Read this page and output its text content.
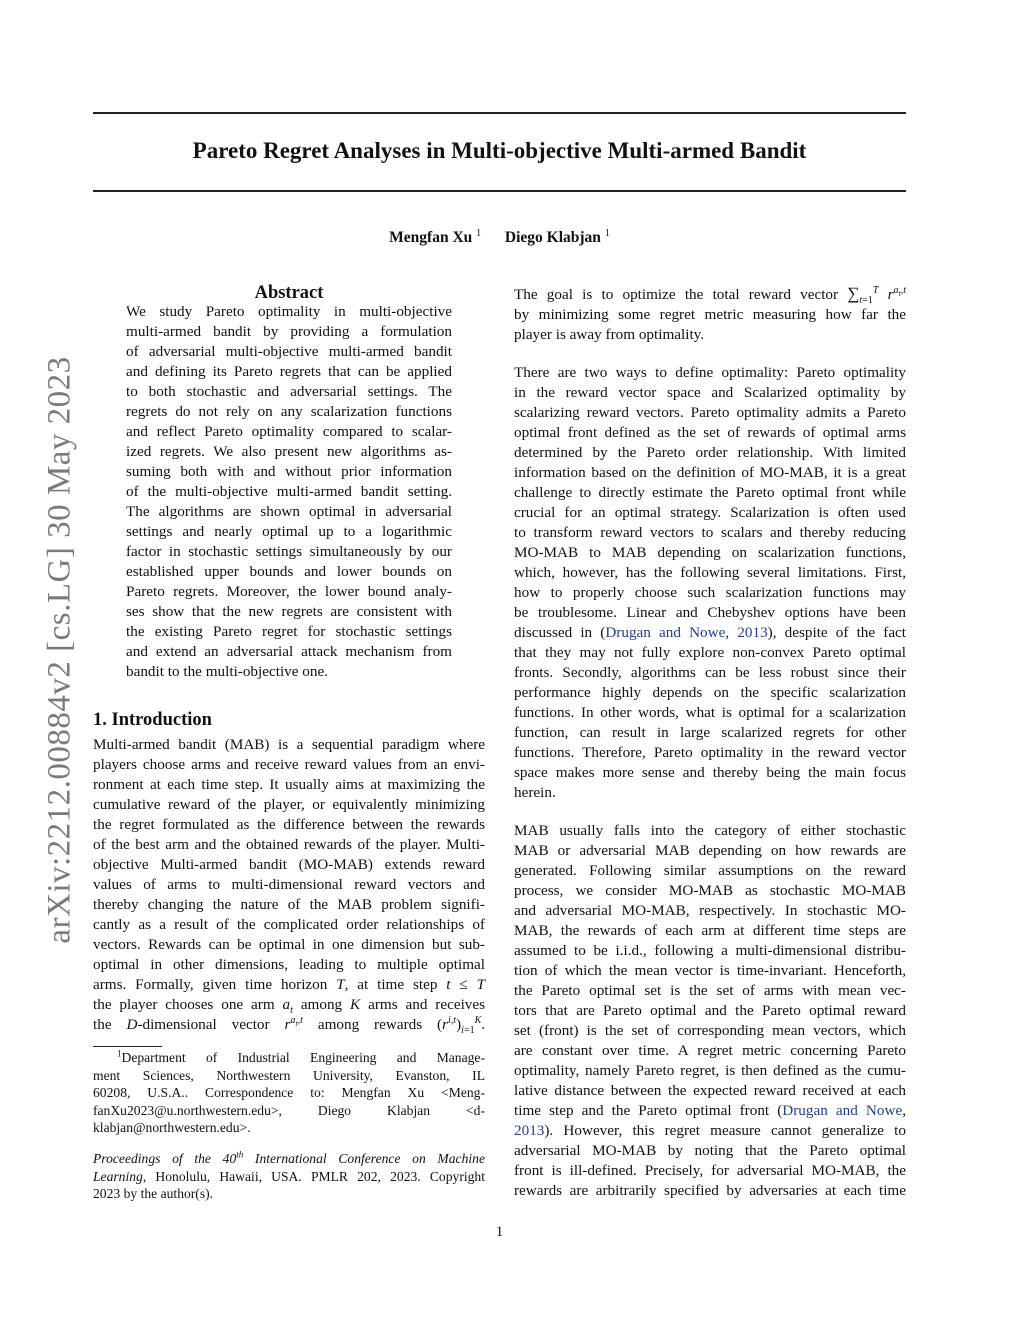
Pareto Regret Analyses in Multi-objective Multi-armed Bandit
Mengfan Xu $^1$ Diego Klabjan $^1$
arXiv:2212.00884v2 [cs.LG] 30 May 2023
Abstract
We study Pareto optimality in multi-objective
multi-armed bandit by providing a formulation
of adversarial multi-objective multi-armed bandit
and defining its Pareto regrets that can be applied
to both stochastic and adversarial settings. The
regrets do not rely on any scalarization functions
and reflect Pareto optimality compared to scalar-
ized regrets. We also present new algorithms as-
suming both with and without prior information
of the multi-objective multi-armed bandit setting.
The algorithms are shown optimal in adversarial
settings and nearly optimal up to a logarithmic
factor in stochastic settings simultaneously by our
established upper bounds and lower bounds on
Pareto regrets. Moreover, the lower bound analy-
ses show that the new regrets are consistent with
the existing Pareto regret for stochastic settings
and extend an adversarial attack mechanism from
bandit to the multi-objective one.
1. Introduction
Multi-armed bandit (MAB) is a sequential paradigm where
players choose arms and receive reward values from an envi-
ronment at each time step. It usually aims at maximizing the
cumulative reward of the player, or equivalently minimizing
the regret formulated as the difference between the rewards
of the best arm and the obtained rewards of the player. Multi-
objective Multi-armed bandit (MO-MAB) extends reward
values of arms to multi-dimensional reward vectors and
thereby changing the nature of the MAB problem signifi-
cantly as a result of the complicated order relationships of
vectors. Rewards can be optimal in one dimension but sub-
optimal in other dimensions, leading to multiple optimal
arms. Formally, given time horizon T, at time step t ≤ T
the player chooses one arm $a_t$ among K arms and receives
the D-dimensional vector $r^{a_t,t}$ among rewards $(r^{i,t})_{i=1}^K$.
$^1$Department of Industrial Engineering and Manage-
ment Sciences, Northwestern University, Evanston, IL
60208, U.S.A.. Correspondence to: Mengfan Xu <Meng-
fanXu2023@u.northwestern.edu>, Diego Klabjan <d-
klabjan@northwestern.edu>.
Proceedings of the 40th International Conference on Machine
Learning, Honolulu, Hawaii, USA. PMLR 202, 2023. Copyright
2023 by the author(s).
The goal is to optimize the total reward vector $\sum_{t=1}^T$ $r^{a_t,t}$
by minimizing some regret metric measuring how far the
player is away from optimality.
There are two ways to define optimality: Pareto optimality
in the reward vector space and Scalarized optimality by
scalarizing reward vectors. Pareto optimality admits a Pareto
optimal front defined as the set of rewards of optimal arms
determined by the Pareto order relationship. With limited
information based on the definition of MO-MAB, it is a great
challenge to directly estimate the Pareto optimal front while
crucial for an optimal strategy. Scalarization is often used
to transform reward vectors to scalars and thereby reducing
MO-MAB to MAB depending on scalarization functions,
which, however, has the following several limitations. First,
how to properly choose such scalarization functions may
be troublesome. Linear and Chebyshev options have been
discussed in (Drugan and Nowe, 2013), despite of the fact
that they may not fully explore non-convex Pareto optimal
fronts. Secondly, algorithms can be less robust since their
performance highly depends on the specific scalarization
functions. In other words, what is optimal for a scalarization
function, can result in large scalarized regrets for other
functions. Therefore, Pareto optimality in the reward vector
space makes more sense and thereby being the main focus
herein.
MAB usually falls into the category of either stochastic
MAB or adversarial MAB depending on how rewards are
generated. Following similar assumptions on the reward
process, we consider MO-MAB as stochastic MO-MAB
and adversarial MO-MAB, respectively. In stochastic MO-
MAB, the rewards of each arm at different time steps are
assumed to be i.i.d., following a multi-dimensional distribu-
tion of which the mean vector is time-invariant. Henceforth,
the Pareto optimal set is the set of arms with mean vec-
tors that are Pareto optimal and the Pareto optimal reward
set (front) is the set of corresponding mean vectors, which
are constant over time. A regret metric concerning Pareto
optimality, namely Pareto regret, is then defined as the cumu-
lative distance between the expected reward received at each
time step and the Pareto optimal front (Drugan and Nowe,
2013). However, this regret measure cannot generalize to
adversarial MO-MAB by noting that the Pareto optimal
front is ill-defined. Precisely, for adversarial MO-MAB, the
rewards are arbitrarily specified by adversaries at each time
1
